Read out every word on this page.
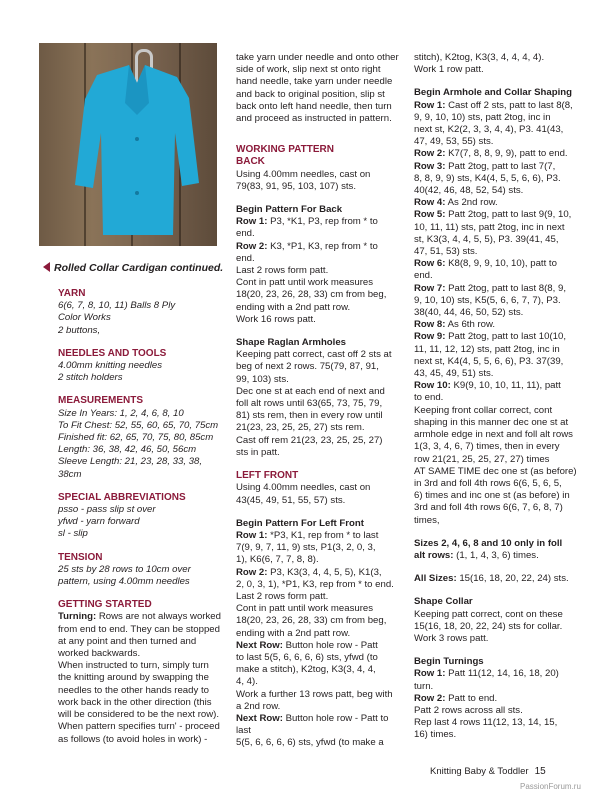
Rolled Collar Cardigan continued.

YARN

6(6, 7, 8, 10, 11) Balls 8 Ply

Color Works

2 buttons,

NEEDLES AND TOOLS

4.00mm knitting needles

2 stitch holders

MEASUREMENTS

Size In Years: 1, 2, 4, 6, 8, 10

To Fit Chest: 52, 55, 60, 65, 70, 75cm

Finished fit: 62, 65, 70, 75, 80, 85cm

Length: 36, 38, 42, 46, 50, 56cm

Sleeve Length: 21, 23, 28, 33, 38,

38cm

SPECIAL ABBREVIATIONS

psso - pass slip st over

yfwd - yarn forward

sl - slip

TENSION

25 sts by 28 rows to 10cm over

pattern, using 4.00mm needles

GETTING STARTED

Turning: Rows are not always worked

from end to end. They can be stopped

at any point and then turned and

worked backwards.

When instructed to turn, simply turn

the knitting around by swapping the

needles to the other hands ready to

work back in the other direction (this

will be considered to be the next row).

When pattern specifies turn' - proceed

as follows (to avoid holes in work) -

take yarn under needle and onto other

side of work, slip next st onto right

hand needle, take yarn under needle

and back to original position, slip st

back onto left hand needle, then turn

and proceed as instructed in pattern.

WORKING PATTERN

BACK

Using 4.00mm needles, cast on

79(83, 91, 95, 103, 107) sts.

Begin Pattern For Back

Row 1: P3, *K1, P3, rep from * to

end.

Row 2: K3, *P1, K3, rep from * to

end.

Last 2 rows form patt.

Cont in patt until work measures

18(20, 23, 26, 28, 33) cm from beg,

ending with a 2nd patt row.

Work 16 rows patt.

Shape Raglan Armholes

Keeping patt correct, cast off 2 sts at

beg of next 2 rows. 75(79, 87, 91,

99, 103) sts.

Dec one st at each end of next and

foll alt rows until 63(65, 73, 75, 79,

81) sts rem, then in every row until

21(23, 23, 25, 25, 27) sts rem.

Cast off rem 21(23, 23, 25, 25, 27)

sts in patt.

LEFT FRONT

Using 4.00mm needles, cast on

43(45, 49, 51, 55, 57) sts.

Begin Pattern For Left Front

Row 1: *P3, K1, rep from * to last

7(9, 9, 7, 11, 9) sts, P1(3, 2, 0, 3,

1), K6(6, 7, 7, 8, 8).

Row 2: P3, K3(3, 4, 4, 5, 5), K1(3,

2, 0, 3, 1), *P1, K3, rep from * to end.

Last 2 rows form patt.

Cont in patt until work measures

18(20, 23, 26, 28, 33) cm from beg,

ending with a 2nd patt row.

Next Row: Button hole row - Patt

to last 5(5, 6, 6, 6, 6) sts, yfwd (to

make a stitch), K2tog, K3(3, 4, 4,

4, 4).

Work a further 13 rows patt, beg with

a 2nd row.

Next Row: Button hole row - Patt to last

5(5, 6, 6, 6, 6) sts, yfwd (to make a

stitch), K2tog, K3(3, 4, 4, 4, 4).

Work 1 row patt.

Begin Armhole and Collar Shaping

Row 1: Cast off 2 sts, patt to last 8(8,

9, 9, 10, 10) sts, patt 2tog, inc in

next st, K2(2, 3, 3, 4, 4), P3. 41(43,

47, 49, 53, 55) sts.

Row 2: K7(7, 8, 8, 9, 9), patt to end.

Row 3: Patt 2tog, patt to last 7(7,

8, 8, 9, 9) sts, K4(4, 5, 5, 6, 6), P3.

40(42, 46, 48, 52, 54) sts.

Row 4: As 2nd row.

Row 5: Patt 2tog, patt to last 9(9, 10,

10, 11, 11) sts, patt 2tog, inc in next

st, K3(3, 4, 4, 5, 5), P3. 39(41, 45,

47, 51, 53) sts.

Row 6: K8(8, 9, 9, 10, 10), patt to

end.

Row 7: Patt 2tog, patt to last 8(8, 9,

9, 10, 10) sts, K5(5, 6, 6, 7, 7), P3.

38(40, 44, 46, 50, 52) sts.

Row 8: As 6th row.

Row 9: Patt 2tog, patt to last 10(10,

11, 11, 12, 12) sts, patt 2tog, inc in

next st, K4(4, 5, 5, 6, 6), P3. 37(39,

43, 45, 49, 51) sts.

Row 10: K9(9, 10, 10, 11, 11), patt

to end.

Keeping front collar correct, cont

shaping in this manner dec one st at

armhole edge in next and foll alt rows

1(3, 3, 4, 6, 7) times, then in every

row 21(21, 25, 25, 27, 27) times

AT SAME TIME dec one st (as before)

in 3rd and foll 4th rows 6(6, 5, 6, 5,

6) times and inc one st (as before) in

3rd and foll 4th rows 6(6, 7, 6, 8, 7)

times,

Sizes 2, 4, 6, 8 and 10 only in foll

alt rows: (1, 1, 4, 3, 6) times.

All Sizes: 15(16, 18, 20, 22, 24) sts.

Shape Collar

Keeping patt correct, cont on these

15(16, 18, 20, 22, 24) sts for collar.

Work 3 rows patt.

Begin Turnings

Row 1: Patt 11(12, 14, 16, 18, 20)

turn.

Row 2: Patt to end.

Patt 2 rows across all sts.

Rep last 4 rows 11(12, 13, 14, 15,

16) times.

Knitting Baby & Toddler 15
PassionForum.ru
